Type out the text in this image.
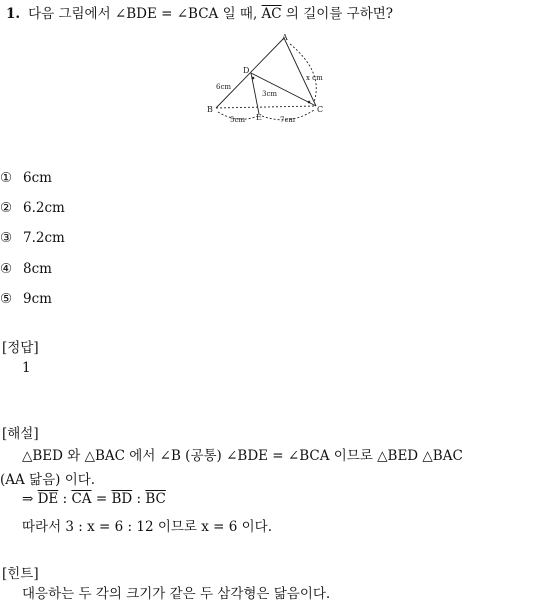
1. 다음 그림에서 ∠BDE = ∠BCA 일 때, $\overline{AC}$ 의 길이를 구하면?
A
B	C
D
E
6cm
3cm
5cm	7cm
x cm
① 6cm
② 6.2cm
③ 7.2cm
④ 8cm
⑤ 9cm
[정답]
1
[해설]
△BED 와 △BAC 에서 ∠B (공통) ∠BDE = ∠BCA 이므로 △BED △BAC
(AA 닮음) 이다.
⇒ $\overline{DE}$ : $\overline{CA} = \overline{BD}$ : $\overline{BC}$
따라서 3 : x = 6 : 12 이므로 x = 6 이다.
[힌트]
대응하는 두 각의 크기가 같은 두 삼각형은 닮음이다.
